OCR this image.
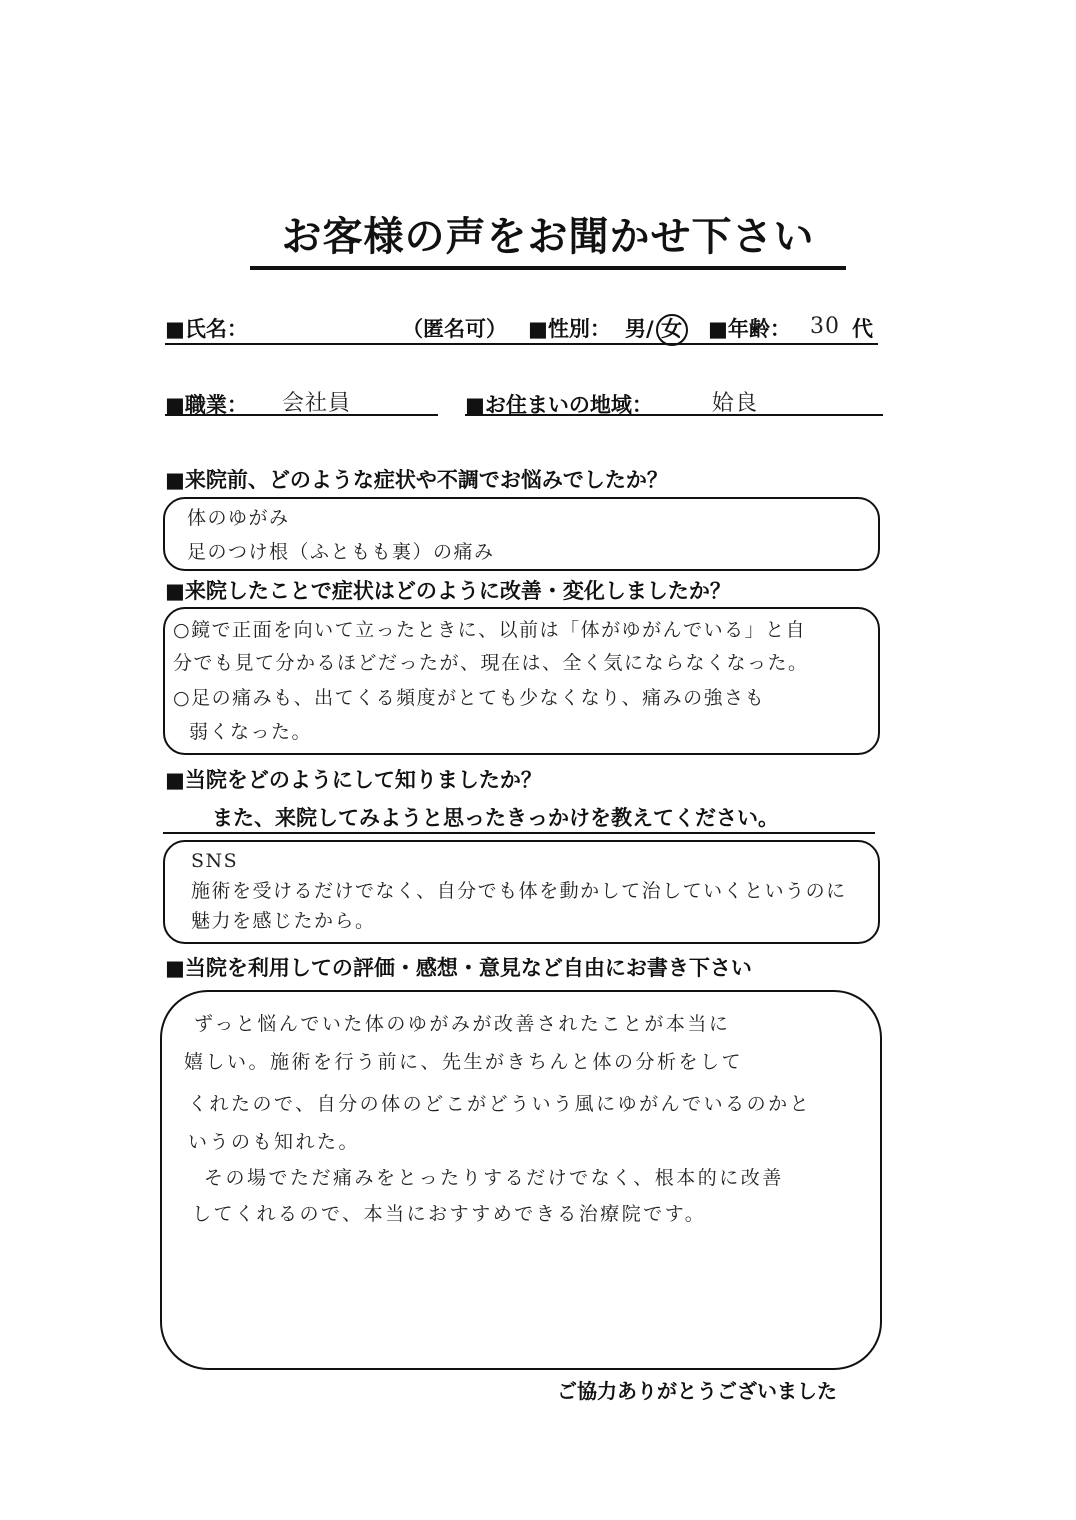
お客様の声をお聞かせ下さい
■氏名：	（匿名可） ■性別： 男/ 女	■年齢： 30 代
■職業： 会社員	■お住まいの地域：	姶良
■来院前、どのような症状や不調でお悩みでしたか？
体のゆがみ
足のつけ根（ふともも裏）の痛み
■来院したことで症状はどのように改善・変化しましたか？
○鏡で正面を向いて立ったときに、以前は「体がゆがんでいる」と自
分でも見て分かるほどだったが、現在は、全く気にならなくなった。
○足の痛みも、出てくる頻度がとても少なくなり、痛みの強さも
弱くなった。
■当院をどのようにして知りましたか？
また、来院してみようと思ったきっかけを教えてください。
SNS
施術を受けるだけでなく、自分でも体を動かして治していくというのに
魅力を感じたから。
■当院を利用しての評価・感想・意見など自由にお書き下さい
ずっと悩んでいた体のゆがみが改善されたことが本当に
嬉しい。施術を行う前に、先生がきちんと体の分析をして
くれたので、自分の体のどこがどういう風にゆがんでいるのかと
いうのも知れた。
その場でただ痛みをとったりするだけでなく、根本的に改善
してくれるので、本当におすすめできる治療院です。
ご協力ありがとうございました
